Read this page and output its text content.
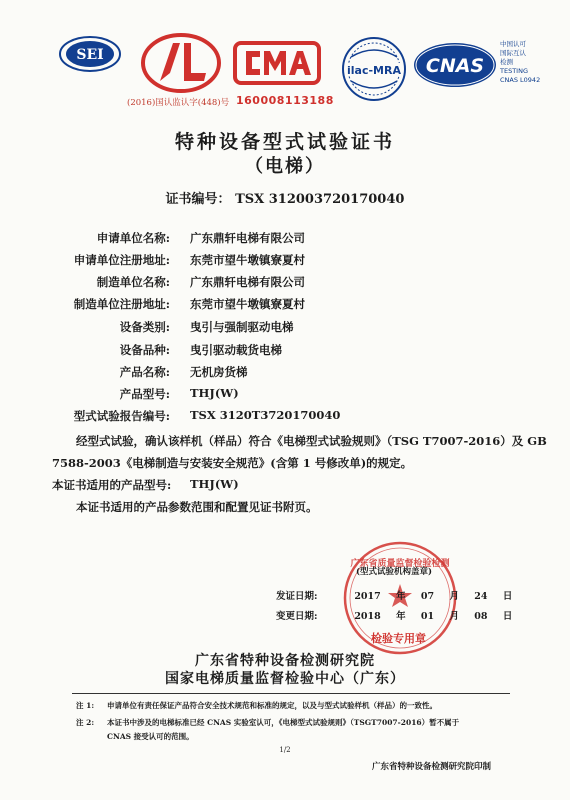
SEI
(2016)国认监认字(448)号 160008113188
ilac-MRA CNAS
中国认可
国际互认
检测
TESTING
CNAS L0942
特种设备型式试验证书
（电梯）
证书编号： TSX 312003720170040
申请单位名称: 广东鼎轩电梯有限公司
申请单位注册地址: 东莞市望牛墩镇寮夏村
制造单位名称: 广东鼎轩电梯有限公司
制造单位注册地址: 东莞市望牛墩镇寮夏村
设备类别: 曳引与强制驱动电梯
设备品种: 曳引驱动载货电梯
产品名称: 无机房货梯
产品型号: THJ(W)
型式试验报告编号: TSX 3120T3720170040
经型式试验，确认该样机（样品）符合《电梯型式试验规则》（TSG T7007-2016）及 GB
7588-2003《电梯制造与安装安全规范》(含第 1 号修改单)的规定。
本证书适用的产品型号: THJ(W)
本证书适用的产品参数范围和配置见证书附页。
广东省质量监督检验检测
(型式试验机构盖章)
检验专用章
发证日期:	2017 年 07 月 24 日
变更日期:	2018 年 01 月 08 日
广东省特种设备检测研究院
国家电梯质量监督检验中心（广东）
注 1: 申请单位有责任保证产品符合安全技术规范和标准的规定，以及与型式试验样机（样品）的一致性。
注 2: 本证书中涉及的电梯标准已经 CNAS 实验室认可，《电梯型式试验规则》（TSGT7007-2016）暂不属于
CNAS 接受认可的范围。
1/2
广东省特种设备检测研究院印制
